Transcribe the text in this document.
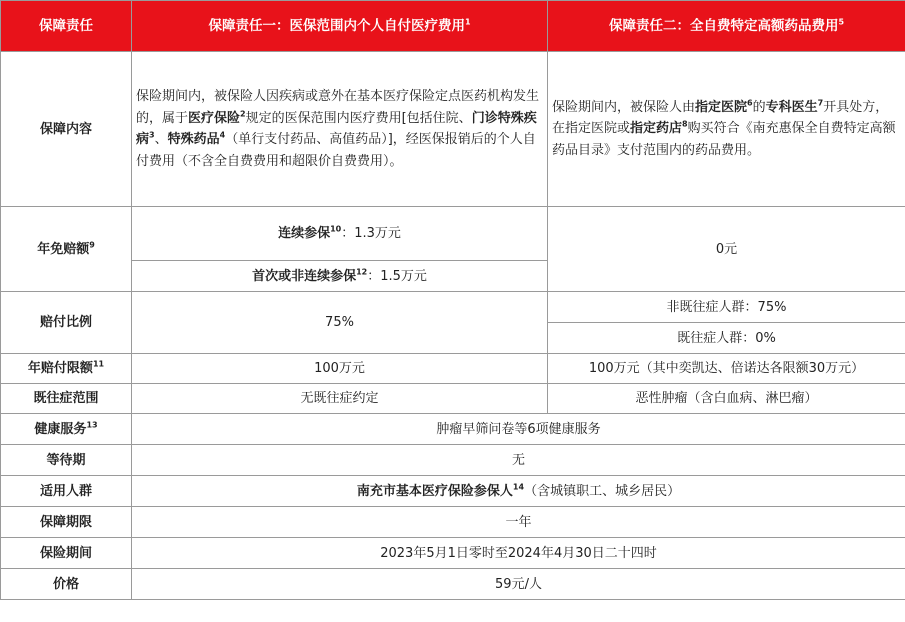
保障责任	保障责任一：医保范围内个人自付医疗费用$^1$	保障责任二：全自费特定高额药品费用$^5$
保障内容	保险期间内，被保险人因疾病或意外在基本医疗保险定点医药机构发生的，属于医疗保险$^2$规定的医保范围内医疗费用[包括住院、门诊特殊疾病$^3$、特殊药品$^4$（单行支付药品、高值药品）]，经医保报销后的个人自付费用（不含全自费费用和超限价自费费用）。	保险期间内，被保险人由指定医院$^6$的专科医生$^7$开具处方，在指定医院或指定药店$^8$购买符合《南充惠保全自费特定高额药品目录》支付范围内的药品费用。
年免赔额$^9$	连续参保$^{10}$：1.3万元	0元
	首次或非连续参保$^{12}$：1.5万元	
赔付比例	75%	非既往症人群：75%
		既往症人群：0%
年赔付限额$^{11}$	100万元	100万元（其中奕凯达、倍诺达各限额30万元）
既往症范围	无既往症约定	恶性肿瘤（含白血病、淋巴瘤）
健康服务$^{13}$	肿瘤早筛问卷等6项健康服务	
等待期	无	
适用人群	南充市基本医疗保险参保人$^{14}$（含城镇职工、城乡居民）	
保障期限	一年	
保险期间	2023年5月1日零时至2024年4月30日二十四时	
价格	59元/人	
